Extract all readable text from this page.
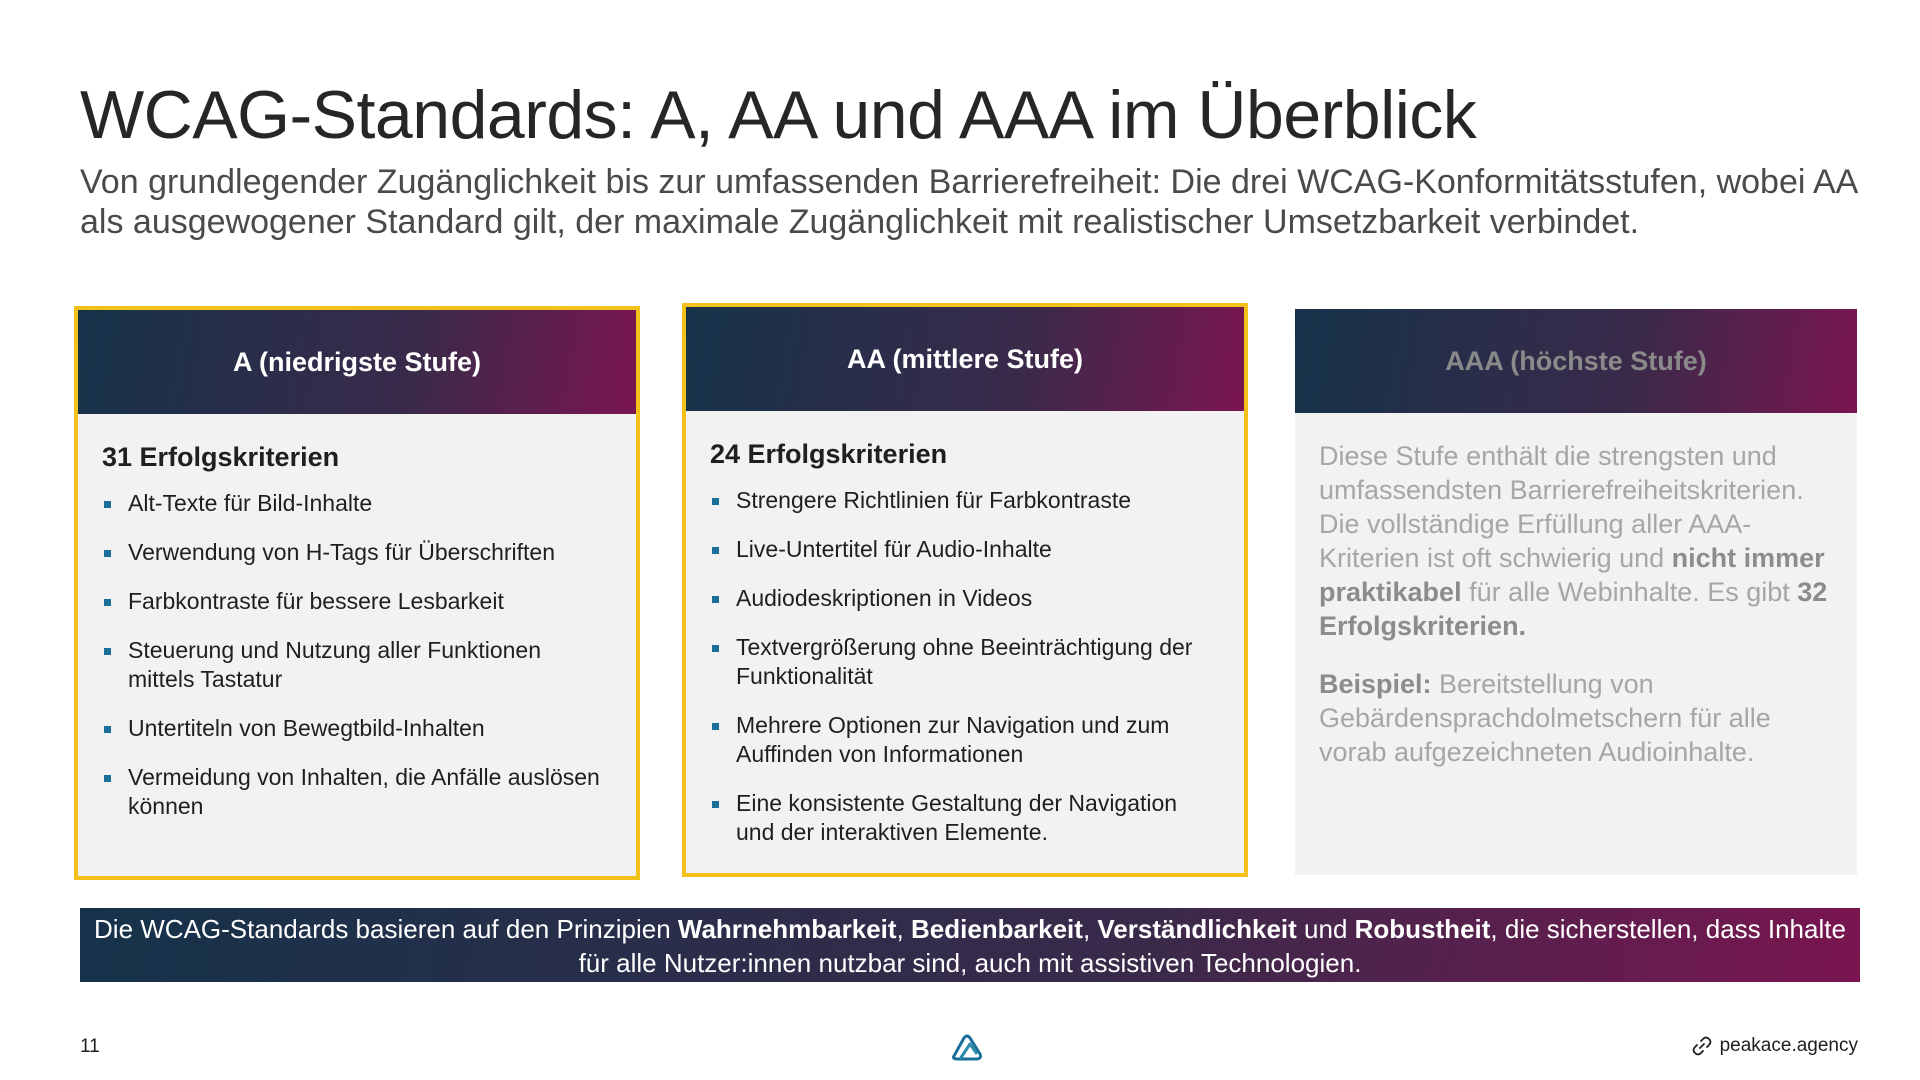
WCAG-Standards: A, AA und AAA im Überblick

Von grundlegender Zugänglichkeit bis zur umfassenden Barrierefreiheit: Die drei WCAG-Konformitätsstufen, wobei AA als ausgewogener Standard gilt, der maximale Zugänglichkeit mit realistischer Umsetzbarkeit verbindet.

A (niedrigste Stufe)
31 Erfolgskriterien
Alt-Texte für Bild-Inhalte
Verwendung von H-Tags für Überschriften
Farbkontraste für bessere Lesbarkeit
Steuerung und Nutzung aller Funktionen mittels Tastatur
Untertiteln von Bewegtbild-Inhalten
Vermeidung von Inhalten, die Anfälle auslösen können
AA (mittlere Stufe)
24 Erfolgskriterien
Strengere Richtlinien für Farbkontraste
Live-Untertitel für Audio-Inhalte
Audiodeskriptionen in Videos
Textvergrößerung ohne Beeinträchtigung der Funktionalität
Mehrere Optionen zur Navigation und zum Auffinden von Informationen
Eine konsistente Gestaltung der Navigation und der interaktiven Elemente.
AAA (höchste Stufe)

Diese Stufe enthält die strengsten und umfassendsten Barrierefreiheitskriterien. Die vollständige Erfüllung aller AAA-Kriterien ist oft schwierig und nicht immer praktikabel für alle Webinhalte. Es gibt 32 Erfolgskriterien.

Beispiel: Bereitstellung von Gebärdensprachdolmetschern für alle vorab aufgezeichneten Audioinhalte.

Die WCAG-Standards basieren auf den Prinzipien Wahrnehmbarkeit, Bedienbarkeit, Verständlichkeit und Robustheit, die sicherstellen, dass Inhalte für alle Nutzer:innen nutzbar sind, auch mit assistiven Technologien.
11	peakace.agency
